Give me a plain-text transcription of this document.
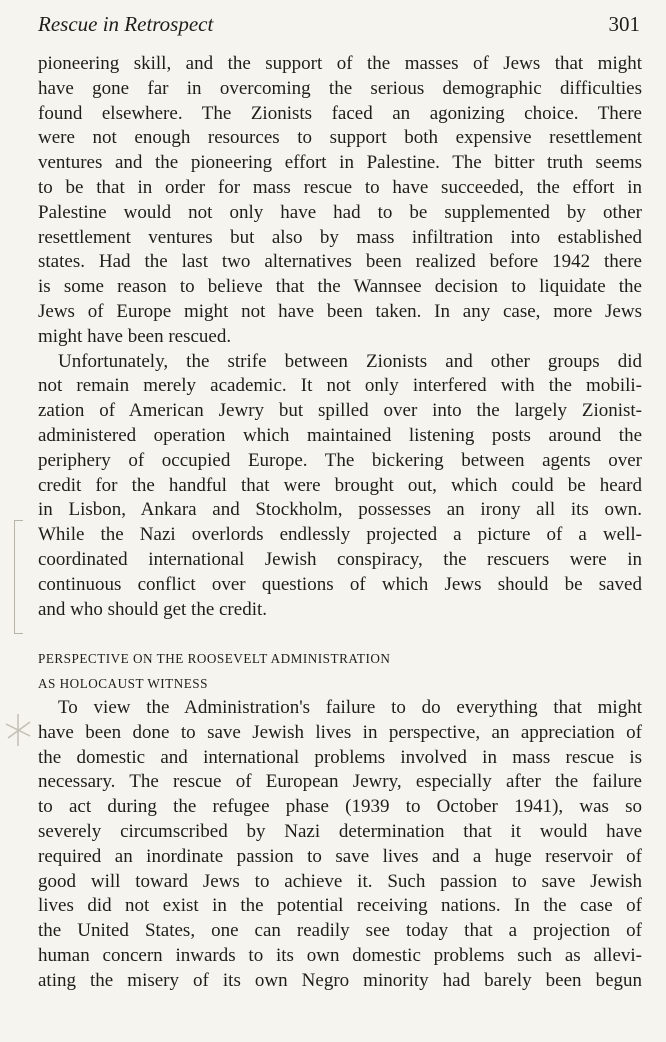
Rescue in Retrospect	301
pioneering skill, and the support of the masses of Jews that might
have gone far in overcoming the serious demographic difficulties
found elsewhere. The Zionists faced an agonizing choice. There
were not enough resources to support both expensive resettlement
ventures and the pioneering effort in Palestine. The bitter truth seems
to be that in order for mass rescue to have succeeded, the effort in
Palestine would not only have had to be supplemented by other
resettlement ventures but also by mass infiltration into established
states. Had the last two alternatives been realized before 1942 there
is some reason to believe that the Wannsee decision to liquidate the
Jews of Europe might not have been taken. In any case, more Jews
might have been rescued.
Unfortunately, the strife between Zionists and other groups did
not remain merely academic. It not only interfered with the mobili-
zation of American Jewry but spilled over into the largely Zionist-
administered operation which maintained listening posts around the
periphery of occupied Europe. The bickering between agents over
credit for the handful that were brought out, which could be heard
in Lisbon, Ankara and Stockholm, possesses an irony all its own.
While the Nazi overlords endlessly projected a picture of a well-
coordinated international Jewish conspiracy, the rescuers were in
continuous conflict over questions of which Jews should be saved
and who should get the credit.
PERSPECTIVE ON THE ROOSEVELT ADMINISTRATION
AS HOLOCAUST WITNESS
To view the Administration's failure to do everything that might
have been done to save Jewish lives in perspective, an appreciation of
the domestic and international problems involved in mass rescue is
necessary. The rescue of European Jewry, especially after the failure
to act during the refugee phase (1939 to October 1941), was so
severely circumscribed by Nazi determination that it would have
required an inordinate passion to save lives and a huge reservoir of
good will toward Jews to achieve it. Such passion to save Jewish
lives did not exist in the potential receiving nations. In the case of
the United States, one can readily see today that a projection of
human concern inwards to its own domestic problems such as allevi-
ating the misery of its own Negro minority had barely been begun
